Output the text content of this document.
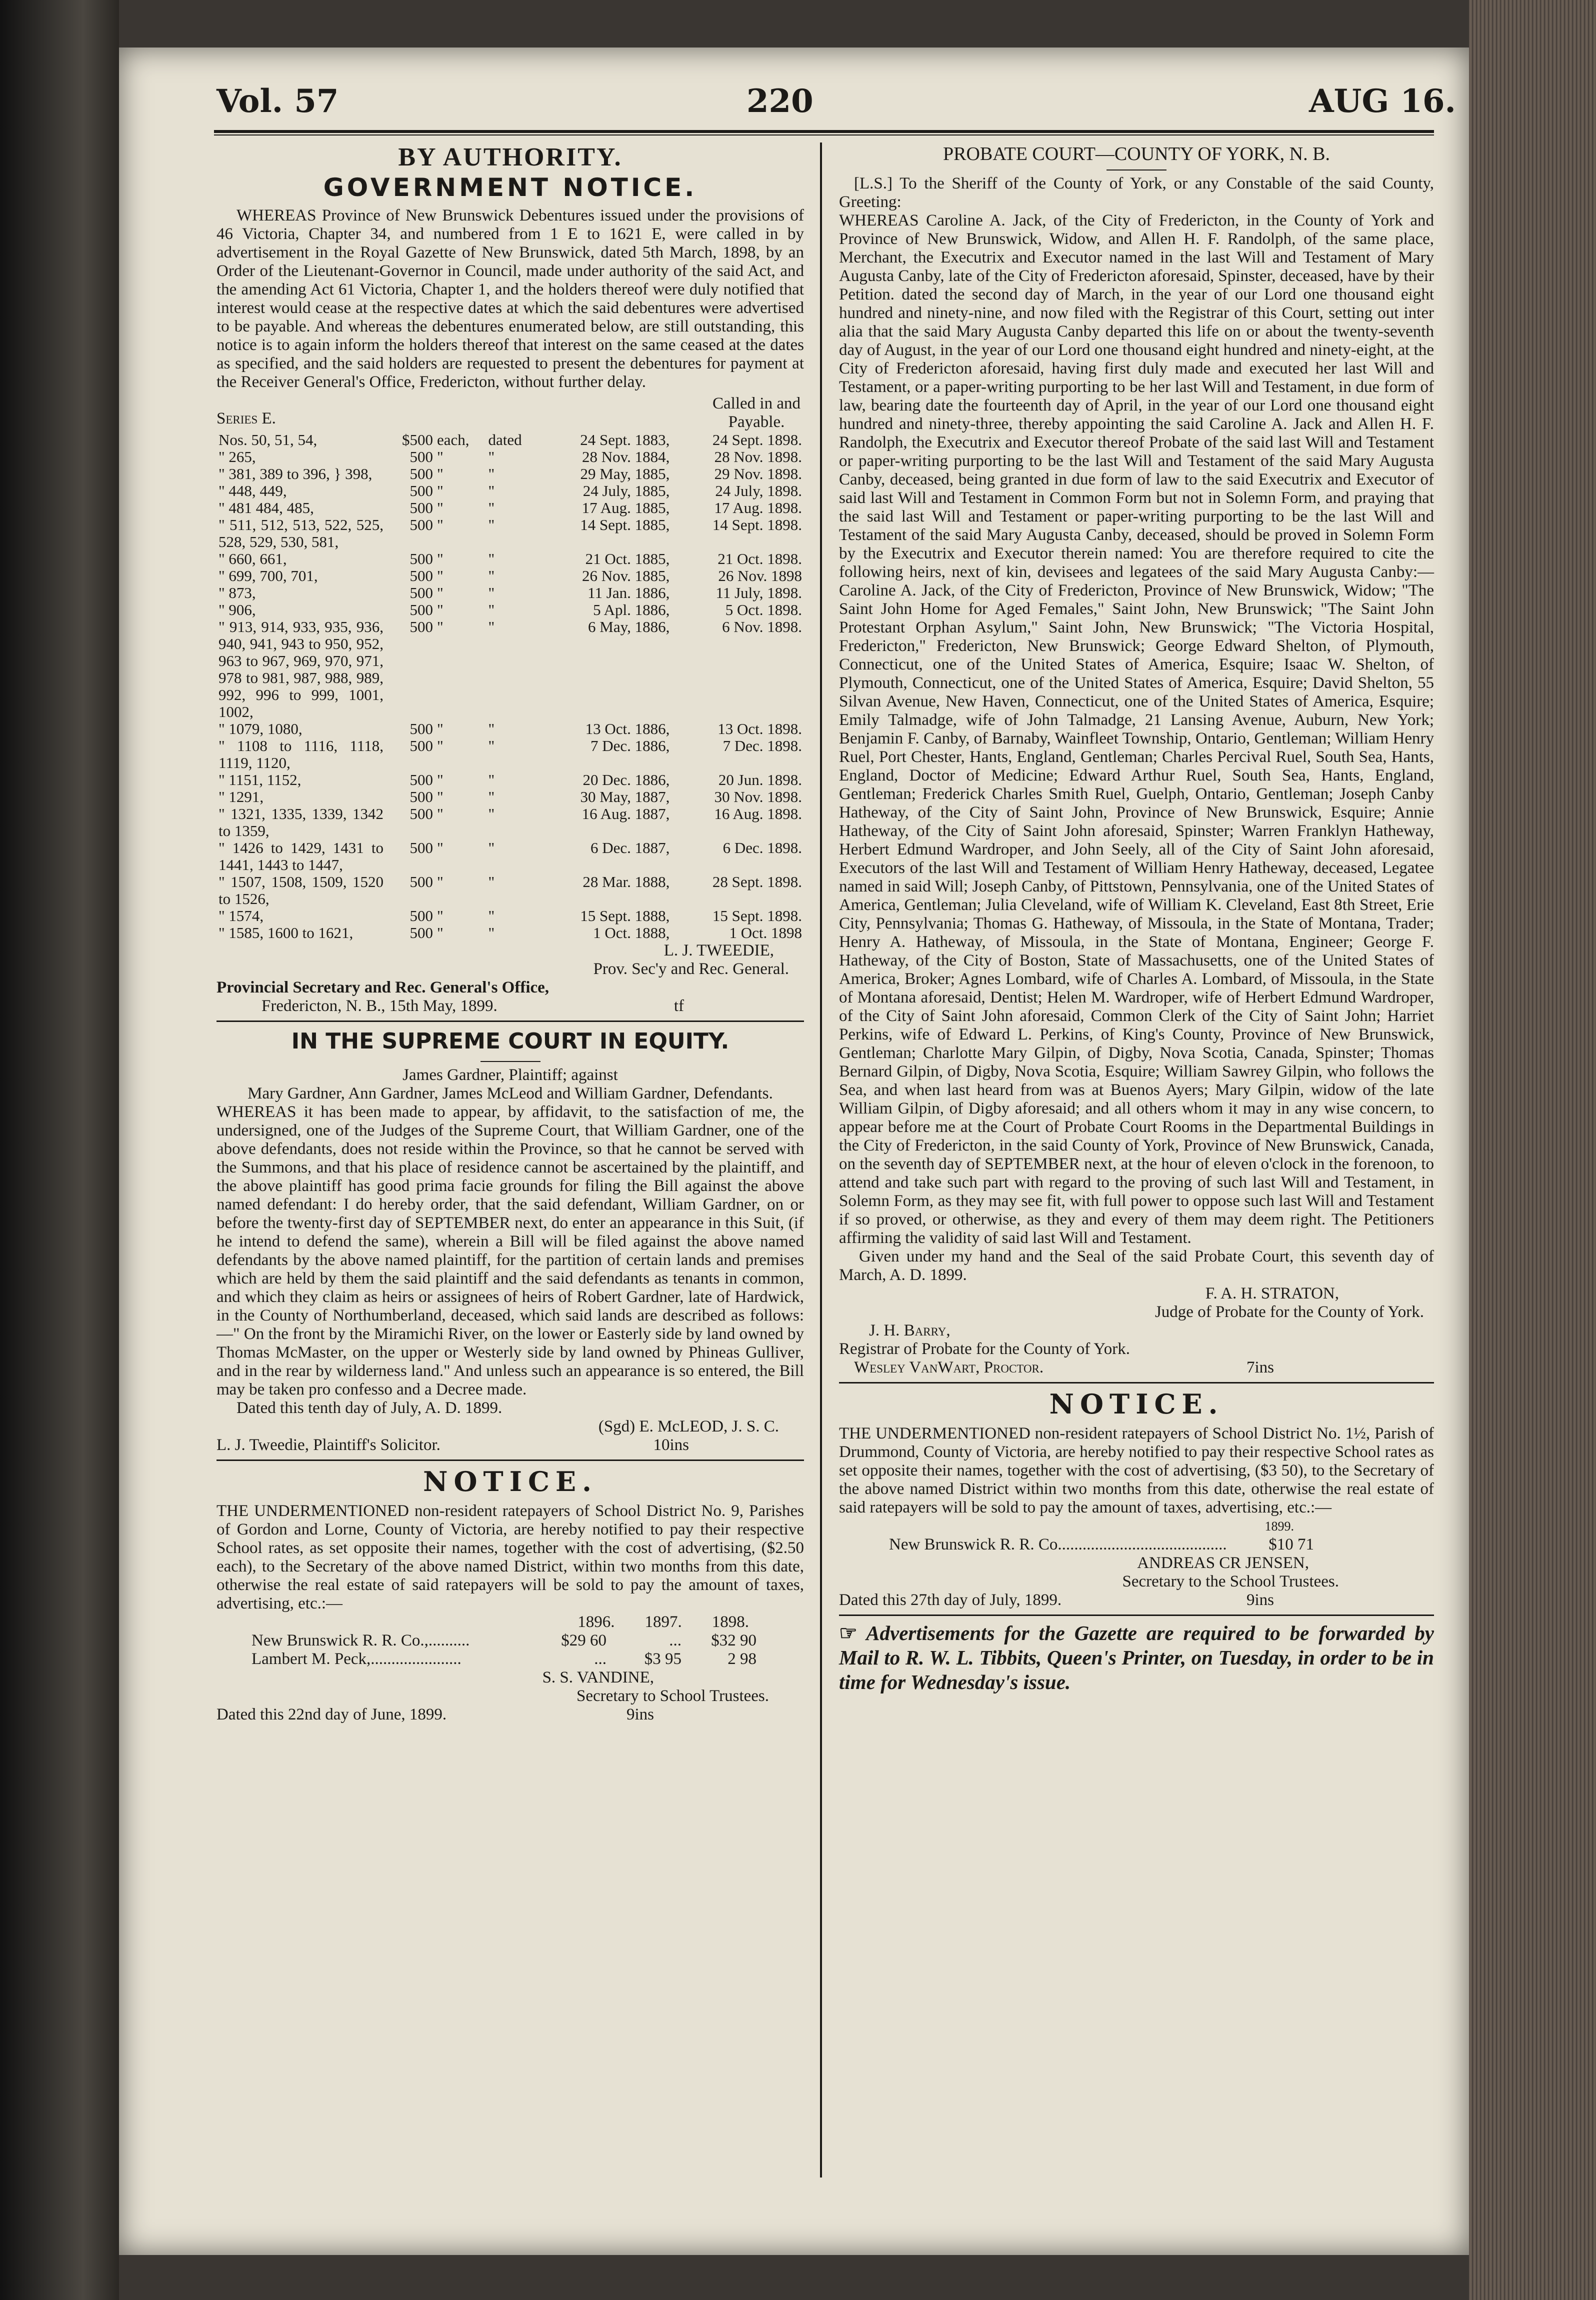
Vol. 57	220	AUG 16.
BY AUTHORITY.
GOVERNMENT NOTICE.

WHEREAS Province of New Brunswick Debentures issued under the provisions of 46 Victoria, Chapter 34, and numbered from 1 E to 1621 E, were called in by advertisement in the Royal Gazette of New Brunswick, dated 5th March, 1898, by an Order of the Lieutenant-Governor in Council, made under authority of the said Act, and the amending Act 61 Victoria, Chapter 1, and the holders thereof were duly notified that interest would cease at the respective dates at which the said debentures were advertised to be payable. And whereas the debentures enumerated below, are still outstanding, this notice is to again inform the holders thereof that interest on the same ceased at the dates as specified, and the said holders are requested to present the debentures for payment at the Receiver General's Office, Fredericton, without further delay.

Series E.
Called in and Payable.
Nos. 50, 51, 54,	$500	each,	dated	24 Sept. 1883,	24 Sept. 1898.
" 265,	500	"	"	28 Nov. 1884,	28 Nov. 1898.
" 381, 389 to 396, } 398,	500	"	"	29 May, 1885,	29 Nov. 1898.
" 448, 449,	500	"	"	24 July, 1885,	24 July, 1898.
" 481 484, 485,	500	"	"	17 Aug. 1885,	17 Aug. 1898.
" 511, 512, 513, 522, 525, 528, 529, 530, 581,	500	"	"	14 Sept. 1885,	14 Sept. 1898.
" 660, 661,	500	"	"	21 Oct. 1885,	21 Oct. 1898.
" 699, 700, 701,	500	"	"	26 Nov. 1885,	26 Nov. 1898
" 873,	500	"	"	11 Jan. 1886,	11 July, 1898.
" 906,	500	"	"	5 Apl. 1886,	5 Oct. 1898.
" 913, 914, 933, 935, 936, 940, 941, 943 to 950, 952, 963 to 967, 969, 970, 971, 978 to 981, 987, 988, 989, 992, 996 to 999, 1001, 1002,	500	"	"	6 May, 1886,	6 Nov. 1898.
" 1079, 1080,	500	"	"	13 Oct. 1886,	13 Oct. 1898.
" 1108 to 1116, 1118, 1119, 1120,	500	"	"	7 Dec. 1886,	7 Dec. 1898.
" 1151, 1152,	500	"	"	20 Dec. 1886,	20 Jun. 1898.
" 1291,	500	"	"	30 May, 1887,	30 Nov. 1898.
" 1321, 1335, 1339, 1342 to 1359,	500	"	"	16 Aug. 1887,	16 Aug. 1898.
" 1426 to 1429, 1431 to 1441, 1443 to 1447,	500	"	"	6 Dec. 1887,	6 Dec. 1898.
" 1507, 1508, 1509, 1520 to 1526,	500	"	"	28 Mar. 1888,	28 Sept. 1898.
" 1574,	500	"	"	15 Sept. 1888,	15 Sept. 1898.
" 1585, 1600 to 1621,	500	"	"	1 Oct. 1888,	1 Oct. 1898
L. J. TWEEDIE,
Prov. Sec'y and Rec. General.
Provincial Secretary and Rec. General's Office,
Fredericton, N. B., 15th May, 1899.	tf
IN THE SUPREME COURT IN EQUITY.
James Gardner, Plaintiff; against
Mary Gardner, Ann Gardner, James McLeod and William Gardner, Defendants.

WHEREAS it has been made to appear, by affidavit, to the satisfaction of me, the undersigned, one of the Judges of the Supreme Court, that William Gardner, one of the above defendants, does not reside within the Province, so that he cannot be served with the Summons, and that his place of residence cannot be ascertained by the plaintiff, and the above plaintiff has good prima facie grounds for filing the Bill against the above named defendant: I do hereby order, that the said defendant, William Gardner, on or before the twenty-first day of SEPTEMBER next, do enter an appearance in this Suit, (if he intend to defend the same), wherein a Bill will be filed against the above named defendants by the above named plaintiff, for the partition of certain lands and premises which are held by them the said plaintiff and the said defendants as tenants in common, and which they claim as heirs or assignees of heirs of Robert Gardner, late of Hardwick, in the County of Northumberland, deceased, which said lands are described as follows:—" On the front by the Miramichi River, on the lower or Easterly side by land owned by Thomas McMaster, on the upper or Westerly side by land owned by Phineas Gulliver, and in the rear by wilderness land." And unless such an appearance is so entered, the Bill may be taken pro confesso and a Decree made.

Dated this tenth day of July, A. D. 1899.

(Sgd) E. McLEOD, J. S. C.
L. J. Tweedie, Plaintiff's Solicitor.	10ins
NOTICE.

THE UNDERMENTIONED non-resident ratepayers of School District No. 9, Parishes of Gordon and Lorne, County of Victoria, are hereby notified to pay their respective School rates, as set opposite their names, together with the cost of advertising, ($2.50 each), to the Secretary of the above named District, within two months from this date, otherwise the real estate of said ratepayers will be sold to pay the amount of taxes, advertising, etc.:—

1896. 1897. 1898.
New Brunswick R. R. Co.,..........	$29 60	...	$32 90
Lambert M. Peck,......................	...	$3 95	2 98
S. S. VANDINE,
Secretary to School Trustees.
Dated this 22nd day of June, 1899.	9ins
PROBATE COURT—COUNTY OF YORK, N. B.

[L.S.] To the Sheriff of the County of York, or any Constable of the said County, Greeting:

WHEREAS Caroline A. Jack, of the City of Fredericton, in the County of York and Province of New Brunswick, Widow, and Allen H. F. Randolph, of the same place, Merchant, the Executrix and Executor named in the last Will and Testament of Mary Augusta Canby, late of the City of Fredericton aforesaid, Spinster, deceased, have by their Petition. dated the second day of March, in the year of our Lord one thousand eight hundred and ninety-nine, and now filed with the Registrar of this Court, setting out inter alia that the said Mary Augusta Canby departed this life on or about the twenty-seventh day of August, in the year of our Lord one thousand eight hundred and ninety-eight, at the City of Fredericton aforesaid, having first duly made and executed her last Will and Testament, or a paper-writing purporting to be her last Will and Testament, in due form of law, bearing date the fourteenth day of April, in the year of our Lord one thousand eight hundred and ninety-three, thereby appointing the said Caroline A. Jack and Allen H. F. Randolph, the Executrix and Executor thereof Probate of the said last Will and Testament or paper-writing purporting to be the last Will and Testament of the said Mary Augusta Canby, deceased, being granted in due form of law to the said Executrix and Executor of said last Will and Testament in Common Form but not in Solemn Form, and praying that the said last Will and Testament or paper-writing purporting to be the last Will and Testament of the said Mary Augusta Canby, deceased, should be proved in Solemn Form by the Executrix and Executor therein named: You are therefore required to cite the following heirs, next of kin, devisees and legatees of the said Mary Augusta Canby:—Caroline A. Jack, of the City of Fredericton, Province of New Brunswick, Widow; "The Saint John Home for Aged Females," Saint John, New Brunswick; "The Saint John Protestant Orphan Asylum," Saint John, New Brunswick; "The Victoria Hospital, Fredericton," Fredericton, New Brunswick; George Edward Shelton, of Plymouth, Connecticut, one of the United States of America, Esquire; Isaac W. Shelton, of Plymouth, Connecticut, one of the United States of America, Esquire; David Shelton, 55 Silvan Avenue, New Haven, Connecticut, one of the United States of America, Esquire; Emily Talmadge, wife of John Talmadge, 21 Lansing Avenue, Auburn, New York; Benjamin F. Canby, of Barnaby, Wainfleet Township, Ontario, Gentleman; William Henry Ruel, Port Chester, Hants, England, Gentleman; Charles Percival Ruel, South Sea, Hants, England, Doctor of Medicine; Edward Arthur Ruel, South Sea, Hants, England, Gentleman; Frederick Charles Smith Ruel, Guelph, Ontario, Gentleman; Joseph Canby Hatheway, of the City of Saint John, Province of New Brunswick, Esquire; Annie Hatheway, of the City of Saint John aforesaid, Spinster; Warren Franklyn Hatheway, Herbert Edmund Wardroper, and John Seely, all of the City of Saint John aforesaid, Executors of the last Will and Testament of William Henry Hatheway, deceased, Legatee named in said Will; Joseph Canby, of Pittstown, Pennsylvania, one of the United States of America, Gentleman; Julia Cleveland, wife of William K. Cleveland, East 8th Street, Erie City, Pennsylvania; Thomas G. Hatheway, of Missoula, in the State of Montana, Trader; Henry A. Hatheway, of Missoula, in the State of Montana, Engineer; George F. Hatheway, of the City of Boston, State of Massachusetts, one of the United States of America, Broker; Agnes Lombard, wife of Charles A. Lombard, of Missoula, in the State of Montana aforesaid, Dentist; Helen M. Wardroper, wife of Herbert Edmund Wardroper, of the City of Saint John aforesaid, Common Clerk of the City of Saint John; Harriet Perkins, wife of Edward L. Perkins, of King's County, Province of New Brunswick, Gentleman; Charlotte Mary Gilpin, of Digby, Nova Scotia, Canada, Spinster; Thomas Bernard Gilpin, of Digby, Nova Scotia, Esquire; William Sawrey Gilpin, who follows the Sea, and when last heard from was at Buenos Ayers; Mary Gilpin, widow of the late William Gilpin, of Digby aforesaid; and all others whom it may in any wise concern, to appear before me at the Court of Probate Court Rooms in the Departmental Buildings in the City of Fredericton, in the said County of York, Province of New Brunswick, Canada, on the seventh day of SEPTEMBER next, at the hour of eleven o'clock in the forenoon, to attend and take such part with regard to the proving of such last Will and Testament, in Solemn Form, as they may see fit, with full power to oppose such last Will and Testament if so proved, or otherwise, as they and every of them may deem right. The Petitioners affirming the validity of said last Will and Testament.

Given under my hand and the Seal of the said Probate Court, this seventh day of March, A. D. 1899.

F. A. H. STRATON,
Judge of Probate for the County of York.
J. H. Barry,
Registrar of Probate for the County of York.
Wesley VanWart, Proctor.	7ins
NOTICE.

THE UNDERMENTIONED non-resident ratepayers of School District No. 1½, Parish of Drummond, County of Victoria, are hereby notified to pay their respective School rates as set opposite their names, together with the cost of advertising, ($3 50), to the Secretary of the above named District within two months from this date, otherwise the real estate of said ratepayers will be sold to pay the amount of taxes, advertising, etc.:—

1899.
New Brunswick R. R. Co.........................................	$10 71
ANDREAS CR JENSEN,
Secretary to the School Trustees.
Dated this 27th day of July, 1899.	9ins

☞ Advertisements for the Gazette are required to be forwarded by Mail to R. W. L. Tibbits, Queen's Printer, on Tuesday, in order to be in time for Wednesday's issue.
